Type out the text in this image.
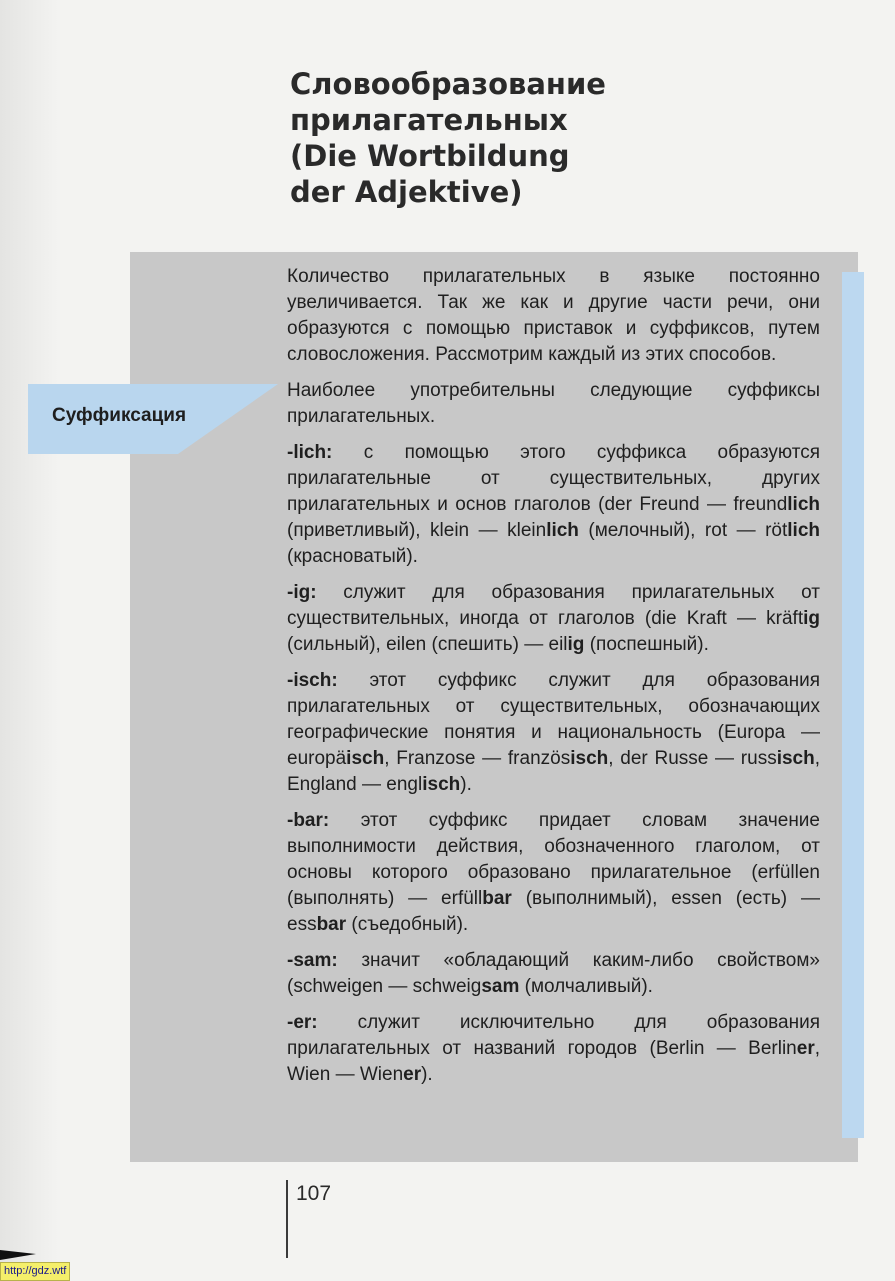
Словообразование
прилагательных
(Die Wortbildung
der Adjektive)
Суффиксация

Количество прилагательных в языке постоянно увеличивается. Так же как и другие части речи, они образуются с помощью приставок и суффиксов, путем словосложения. Рассмотрим каждый из этих способов.

Наиболее употребительны следующие суффиксы прилагательных.

-lich: с помощью этого суффикса образуются прилагательные от существительных, других прилагательных и основ глаголов (der Freund — freundlich (приветливый), klein — kleinlich (мелочный), rot — rötlich (красноватый).

-ig: служит для образования прилагательных от существительных, иногда от глаголов (die Kraft — kräftig (сильный), eilen (спешить) — eilig (поспешный).

-isch: этот суффикс служит для образования прилагательных от существительных, обозначающих географические понятия и национальность (Europa — europäisch, Franzose — französisch, der Russe — russisch, England — englisch).

-bar: этот суффикс придает словам значение выполнимости действия, обозначенного глаголом, от основы которого образовано прилагательное (erfüllen (выполнять) — erfüllbar (выполнимый), essen (есть) — essbar (съедобный).

-sam: значит «обладающий каким-либо свойством» (schweigen — schweigsam (молчаливый).

-er: служит исключительно для образования прилагательных от названий городов (Berlin — Berliner, Wien — Wiener).

107
http://gdz.wtf
